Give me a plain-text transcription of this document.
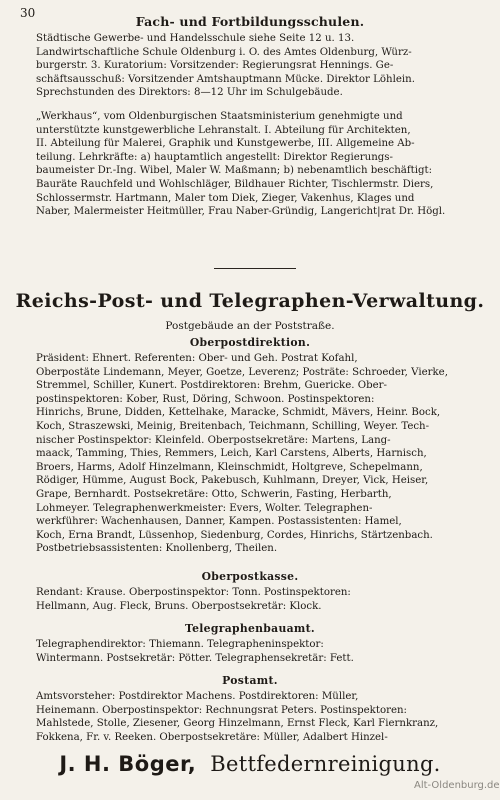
30
Fach- und Fortbildungsschulen.

Städtische Gewerbe- und Handelsschule siehe Seite 12 u. 13.
Landwirtschaftliche Schule Oldenburg i. O. des Amtes Oldenburg, Würz-
burgerstr. 3. Kuratorium: Vorsitzender: Regierungsrat Hennings. Ge-
schäftsausschuß: Vorsitzender Amtshauptmann Mücke. Direktor Löhlein.
Sprechstunden des Direktors: 8—12 Uhr im Schulgebäude.

„Werkhaus“, vom Oldenburgischen Staatsministerium genehmigte und
unterstützte kunstgewerbliche Lehranstalt. I. Abteilung für Architekten,
II. Abteilung für Malerei, Graphik und Kunstgewerbe, III. Allgemeine Ab-
teilung. Lehrkräfte: a) hauptamtlich angestellt: Direktor Regierungs-
baumeister Dr.-Ing. Wibel, Maler W. Maßmann; b) nebenamtlich beschäftigt:
Bauräte Rauchfeld und Wohlschläger, Bildhauer Richter, Tischlermstr. Diers,
Schlossermstr. Hartmann, Maler tom Diek, Zieger, Vakenhus, Klages und
Naber, Malermeister Heitmüller, Frau Naber-Gründig, Langericht|rat Dr. Högl.

Reichs-Post- und Telegraphen-Verwaltung.
Postgebäude an der Poststraße.
Oberpostdirektion.

Präsident: Ehnert. Referenten: Ober- und Geh. Postrat Kofahl,
Oberpostäte Lindemann, Meyer, Goetze, Leverenz; Posträte: Schroeder, Vierke,
Stremmel, Schiller, Kunert. Postdirektoren: Brehm, Guericke. Ober-
postinspektoren: Kober, Rust, Döring, Schwoon. Postinspektoren:
Hinrichs, Brune, Didden, Kettelhake, Maracke, Schmidt, Mävers, Heinr. Bock,
Koch, Straszewski, Meinig, Breitenbach, Teichmann, Schilling, Weyer. Tech-
nischer Postinspektor: Kleinfeld. Oberpostsekretäre: Martens, Lang-
maack, Tamming, Thies, Remmers, Leich, Karl Carstens, Alberts, Harnisch,
Broers, Harms, Adolf Hinzelmann, Kleinschmidt, Holtgreve, Schepelmann,
Rödiger, Hümme, August Bock, Pakebusch, Kuhlmann, Dreyer, Vick, Heiser,
Grape, Bernhardt. Postsekretäre: Otto, Schwerin, Fasting, Herbarth,
Lohmeyer. Telegraphenwerkmeister: Evers, Wolter. Telegraphen-
werkführer: Wachenhausen, Danner, Kampen. Postassistenten: Hamel,
Koch, Erna Brandt, Lüssenhop, Siedenburg, Cordes, Hinrichs, Stärtzenbach.
Postbetriebsassistenten: Knollenberg, Theilen.

Oberpostkasse.

Rendant: Krause. Oberpostinspektor: Tonn. Postinspektoren:
Hellmann, Aug. Fleck, Bruns. Oberpostsekretär: Klock.

Telegraphenbauamt.

Telegraphendirektor: Thiemann. Telegrapheninspektor:
Wintermann. Postsekretär: Pötter. Telegraphensekretär: Fett.

Postamt.

Amtsvorsteher: Postdirektor Machens. Postdirektoren: Müller,
Heinemann. Oberpostinspektor: Rechnungsrat Peters. Postinspektoren:
Mahlstede, Stolle, Ziesener, Georg Hinzelmann, Ernst Fleck, Karl Fiernkranz,
Fokkena, Fr. v. Reeken. Oberpostsekretäre: Müller, Adalbert Hinzel-

J. H. Böger, Bettfedernreinigung.
Alt-Oldenburg.de
